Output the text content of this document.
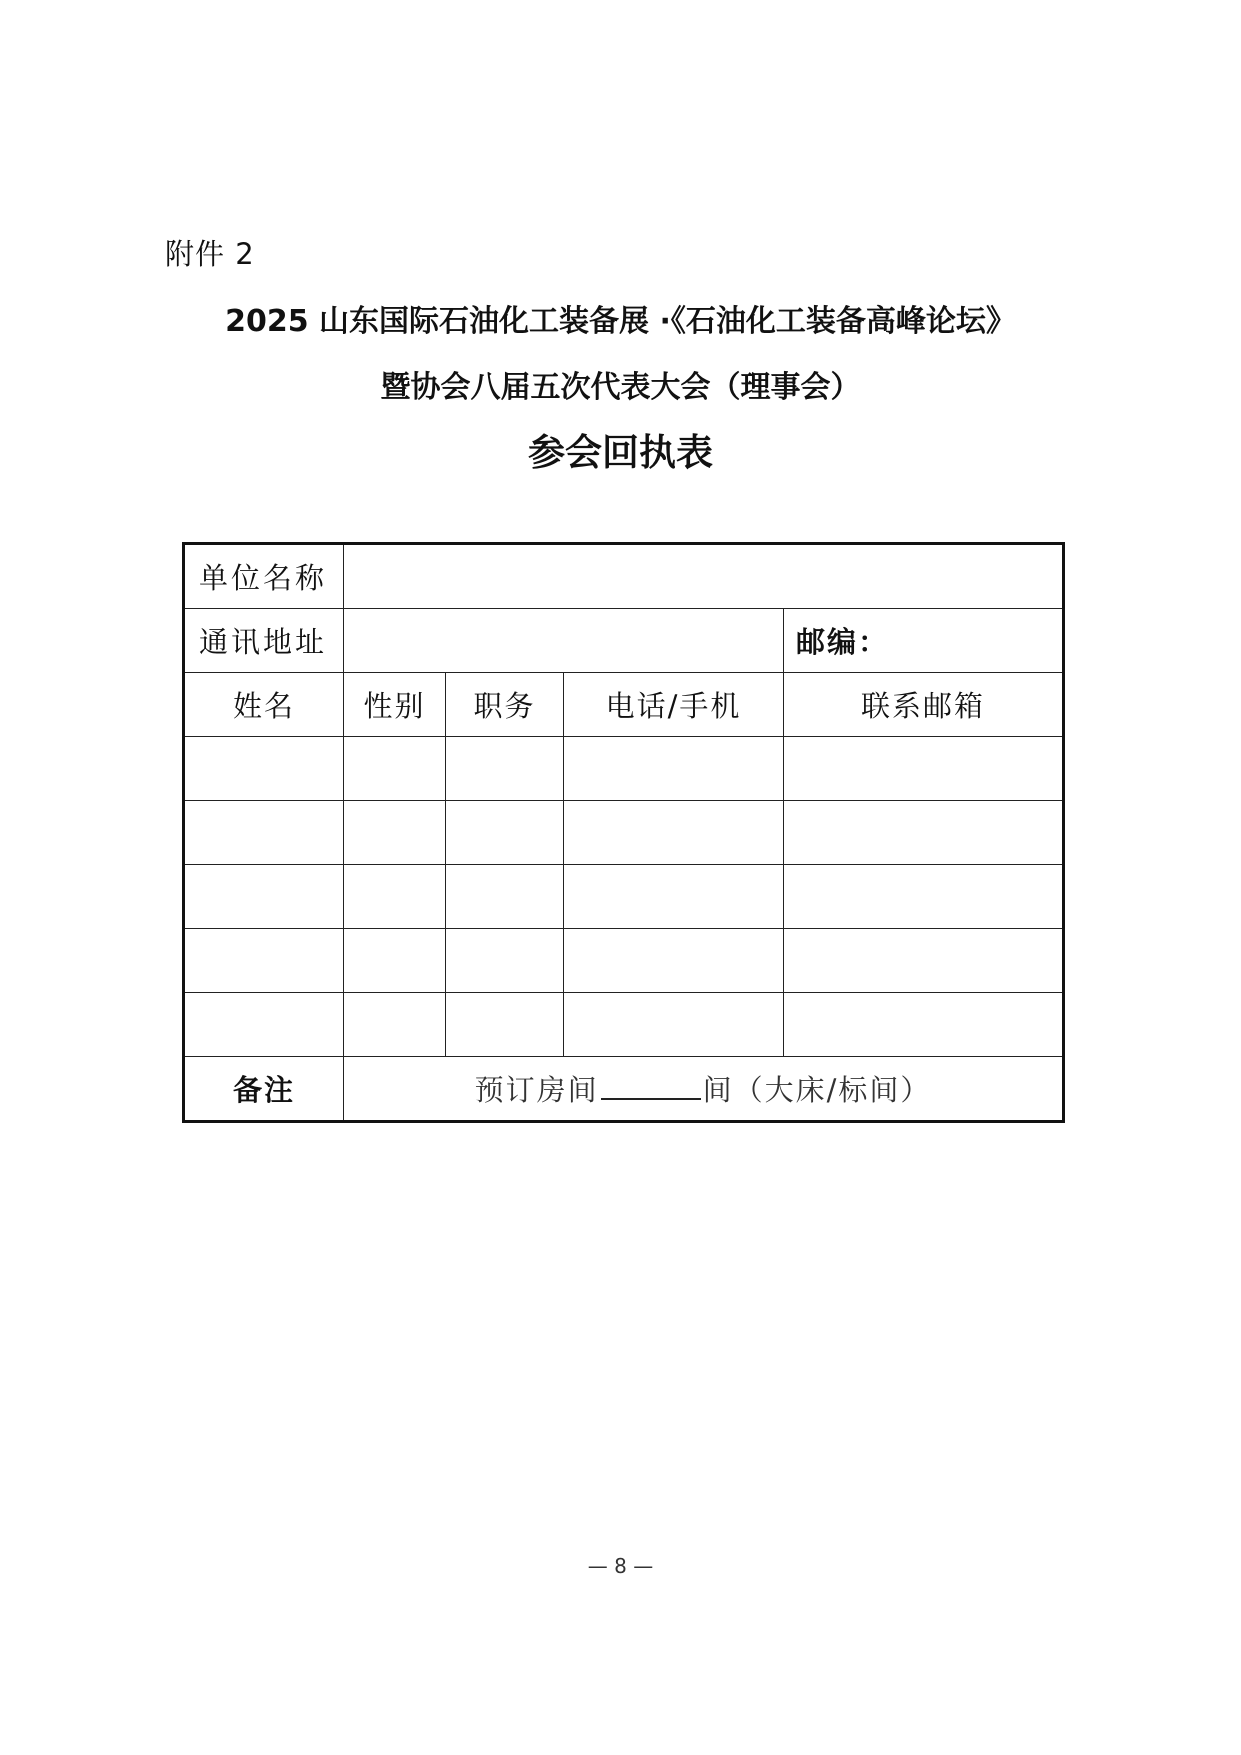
附件 2
2025 山东国际石油化工装备展 ·《石油化工装备高峰论坛》
暨协会八届五次代表大会（理事会）
参会回执表
单位名称				
通讯地址				邮编：
姓名	性别	职务	电话/手机	联系邮箱

备注	预订房间 间（大床/标间）			
— 8 —
